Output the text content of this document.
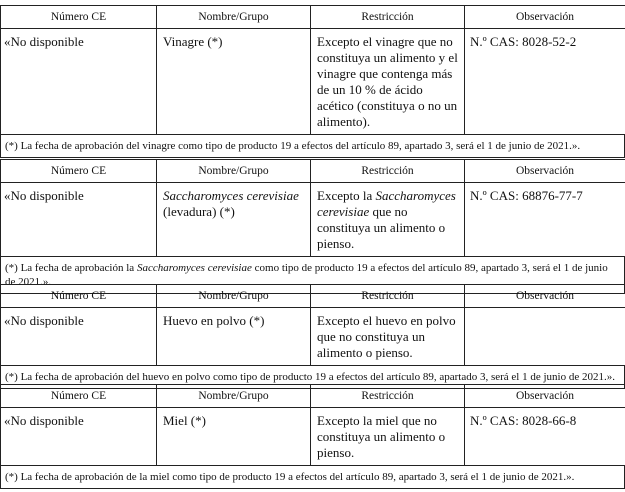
Número CE	Nombre/Grupo	Restricción	Observación
«No disponible	Vinagre (*)	Excepto el vinagre que no constituya un alimento y el vinagre que contenga más de un 10 % de ácido acético (constituya o no un alimento).	N.º CAS: 8028-52-2
(*) La fecha de aprobación del vinagre como tipo de producto 19 a efectos del artículo 89, apartado 3, será el 1 de junio de 2021.».
Número CE	Nombre/Grupo	Restricción	Observación
«No disponible	Saccharomyces cerevisiae (levadura) (*)	Excepto la Saccharomyces cerevisiae que no constituya un alimento o pienso.	N.º CAS: 68876-77-7
(*) La fecha de aprobación la Saccharomyces cerevisiae como tipo de producto 19 a efectos del artículo 89, apartado 3, será el 1 de junio de 2021.».
Número CE	Nombre/Grupo	Restricción	Observación
«No disponible	Huevo en polvo (*)	Excepto el huevo en polvo que no constituya un alimento o pienso.	
(*) La fecha de aprobación del huevo en polvo como tipo de producto 19 a efectos del artículo 89, apartado 3, será el 1 de junio de 2021.».
Número CE	Nombre/Grupo	Restricción	Observación
«No disponible	Miel (*)	Excepto la miel que no constituya un alimento o pienso.	N.º CAS: 8028-66-8
(*) La fecha de aprobación de la miel como tipo de producto 19 a efectos del artículo 89, apartado 3, será el 1 de junio de 2021.».
